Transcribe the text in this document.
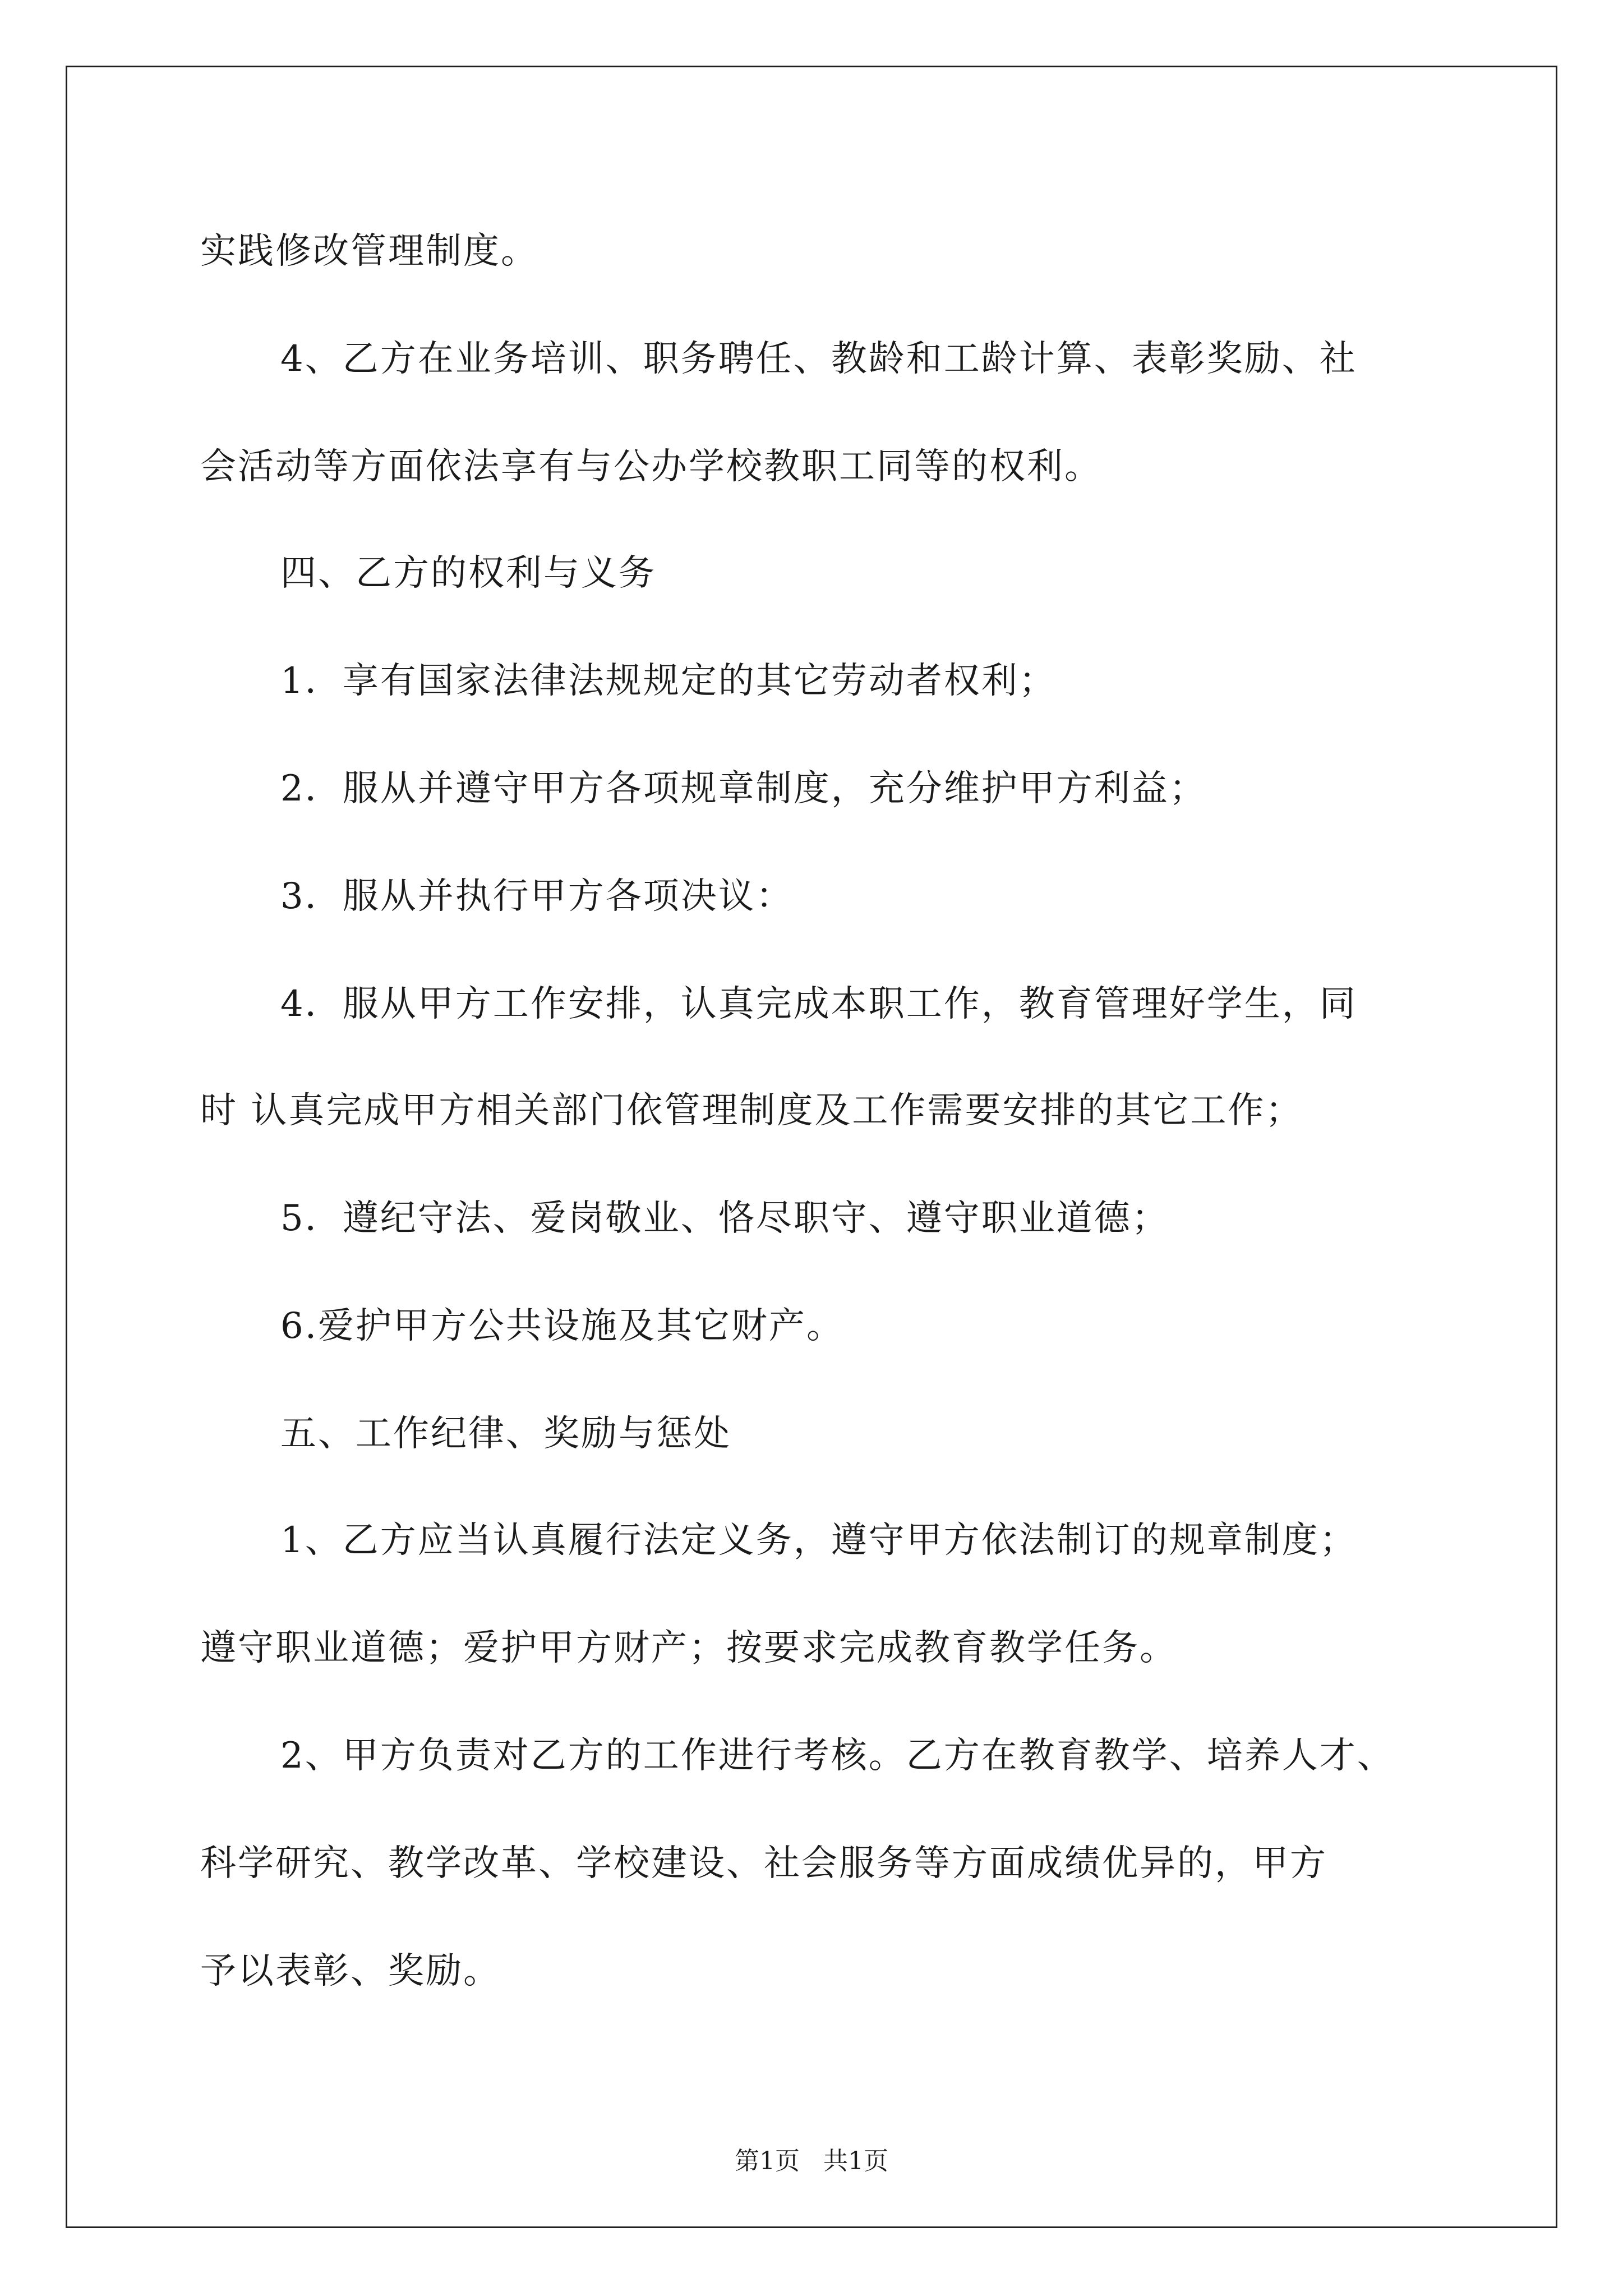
实践修改管理制度。

4、乙方在业务培训、职务聘任、教龄和工龄计算、表彰奖励、社

会活动等方面依法享有与公办学校教职工同等的权利。

四、乙方的权利与义务

1．享有国家法律法规规定的其它劳动者权利；

2．服从并遵守甲方各项规章制度，充分维护甲方利益；

3．服从并执行甲方各项决议：

4．服从甲方工作安排，认真完成本职工作，教育管理好学生，同

时 认真完成甲方相关部门依管理制度及工作需要安排的其它工作；

5．遵纪守法、爱岗敬业、恪尽职守、遵守职业道德；

6.爱护甲方公共设施及其它财产。

五、工作纪律、奖励与惩处

1、乙方应当认真履行法定义务，遵守甲方依法制订的规章制度；

遵守职业道德；爱护甲方财产；按要求完成教育教学任务。

2、甲方负责对乙方的工作进行考核。乙方在教育教学、培养人才、

科学研究、教学改革、学校建设、社会服务等方面成绩优异的，甲方

予以表彰、奖励。

第1页   共1页
